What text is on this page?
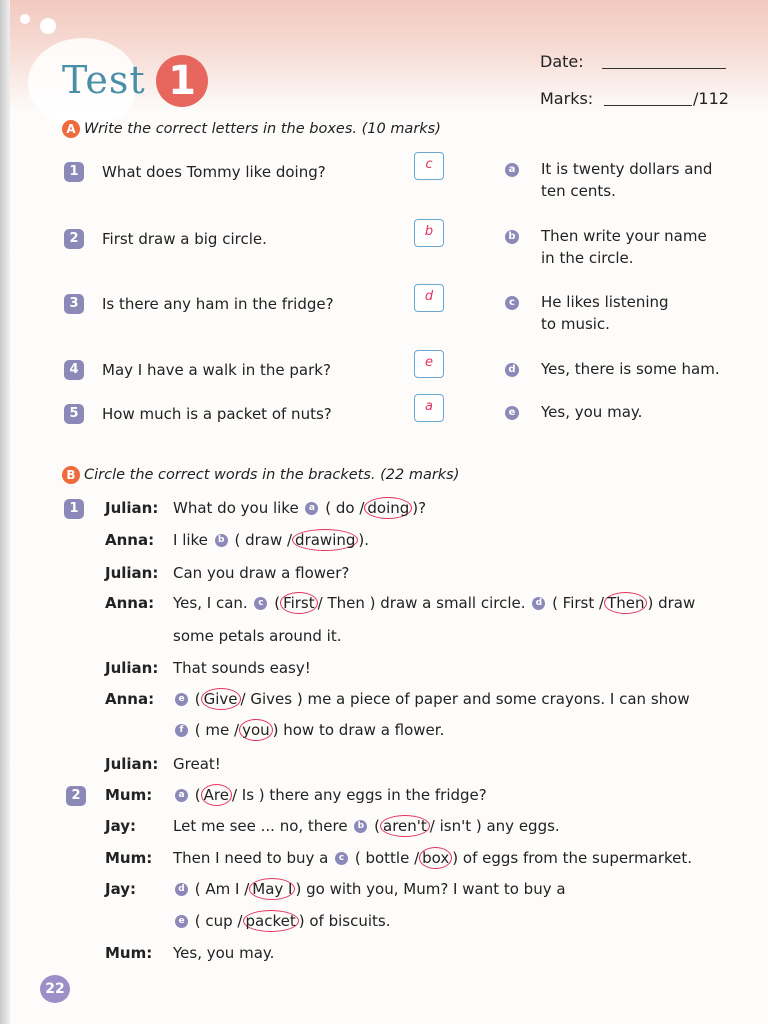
Test 1	Date:
Marks:	/112
A Write the correct letters in the boxes. (10 marks)
1	What does Tommy like doing?	c
2	First draw a big circle.	b
3	Is there any ham in the fridge?	d
4	May I have a walk in the park?	e
5	How much is a packet of nuts?	a
a It is twenty dollars and
ten cents.
b Then write your name
in the circle.
c He likes listening
to music.
d Yes, there is some ham.
e Yes, you may.
B Circle the correct words in the brackets. (22 marks)
1
2
Julian: What do you like a ( do / doing )?
Anna: I like b ( draw / drawing ).
Julian: Can you draw a flower?
Anna: Yes, I can. c ( First / Then ) draw a small circle. d ( First / Then ) draw
some petals around it.
Julian: That sounds easy!
Anna:	e ( Give / Gives ) me a piece of paper and some crayons. I can show
f ( me / you ) how to draw a flower.
Julian: Great!
Mum:	a ( Are / Is ) there any eggs in the fridge?
Jay: Let me see ... no, there b ( aren't / isn't ) any eggs.
Mum: Then I need to buy a c ( bottle / box ) of eggs from the supermarket.
Jay:	d ( Am I / May I ) go with you, Mum? I want to buy a
e ( cup / packet ) of biscuits.
Mum: Yes, you may.
22
